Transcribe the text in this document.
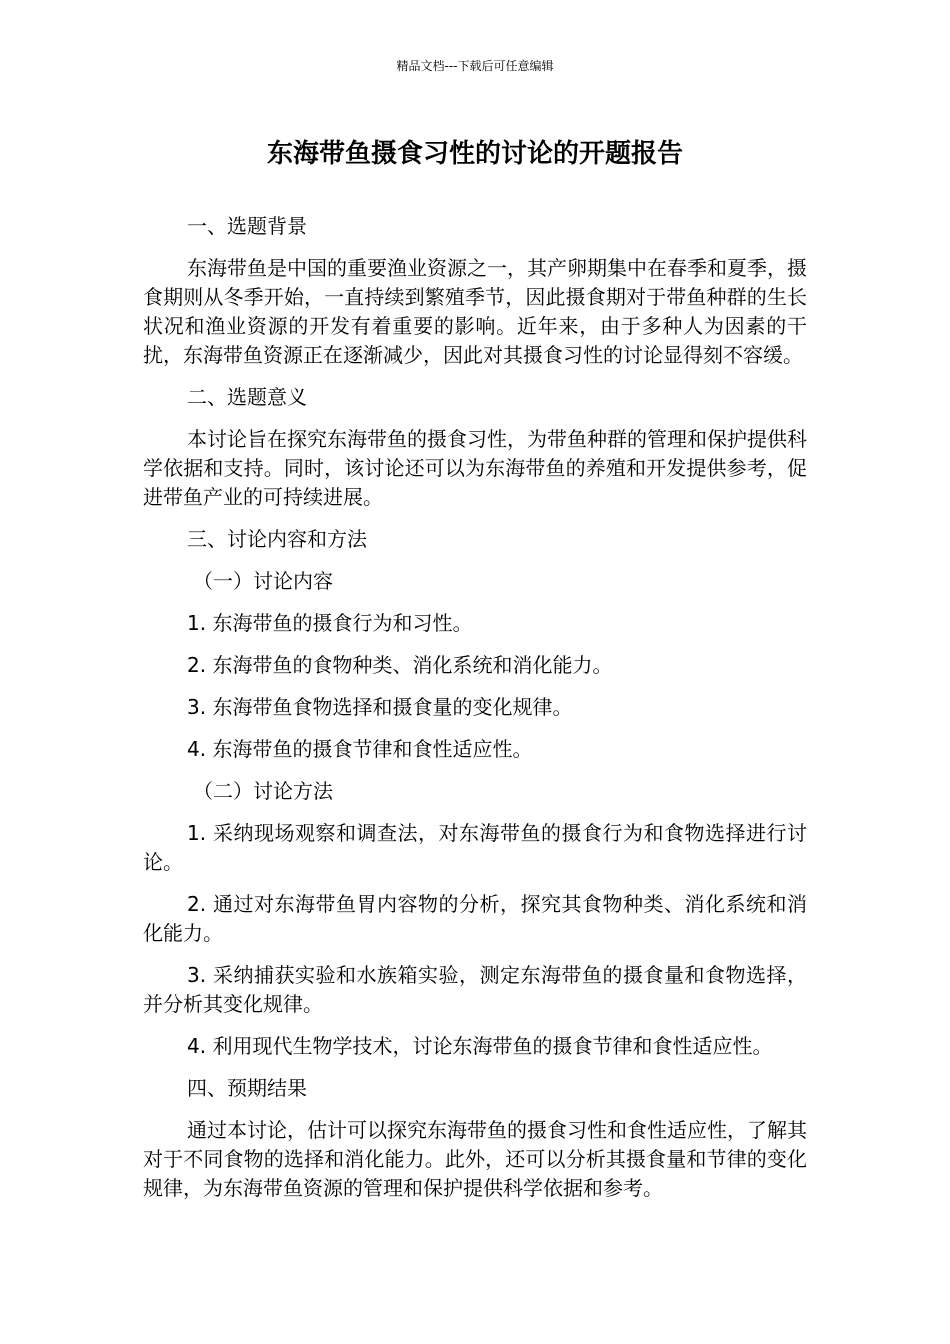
精品文档---下载后可任意编辑
东海带鱼摄食习性的讨论的开题报告
一、选题背景
东海带鱼是中国的重要渔业资源之一，其产卵期集中在春季和夏季，摄食期则从冬季开始，一直持续到繁殖季节，因此摄食期对于带鱼种群的生长状况和渔业资源的开发有着重要的影响。近年来，由于多种人为因素的干扰，东海带鱼资源正在逐渐减少，因此对其摄食习性的讨论显得刻不容缓。
二、选题意义
本讨论旨在探究东海带鱼的摄食习性，为带鱼种群的管理和保护提供科学依据和支持。同时，该讨论还可以为东海带鱼的养殖和开发提供参考，促进带鱼产业的可持续进展。
三、讨论内容和方法
（一）讨论内容
1. 东海带鱼的摄食行为和习性。
2. 东海带鱼的食物种类、消化系统和消化能力。
3. 东海带鱼食物选择和摄食量的变化规律。
4. 东海带鱼的摄食节律和食性适应性。
（二）讨论方法
1. 采纳现场观察和调查法，对东海带鱼的摄食行为和食物选择进行讨论。
2. 通过对东海带鱼胃内容物的分析，探究其食物种类、消化系统和消化能力。
3. 采纳捕获实验和水族箱实验，测定东海带鱼的摄食量和食物选择，并分析其变化规律。
4. 利用现代生物学技术，讨论东海带鱼的摄食节律和食性适应性。
四、预期结果
通过本讨论，估计可以探究东海带鱼的摄食习性和食性适应性，了解其对于不同食物的选择和消化能力。此外，还可以分析其摄食量和节律的变化规律，为东海带鱼资源的管理和保护提供科学依据和参考。
